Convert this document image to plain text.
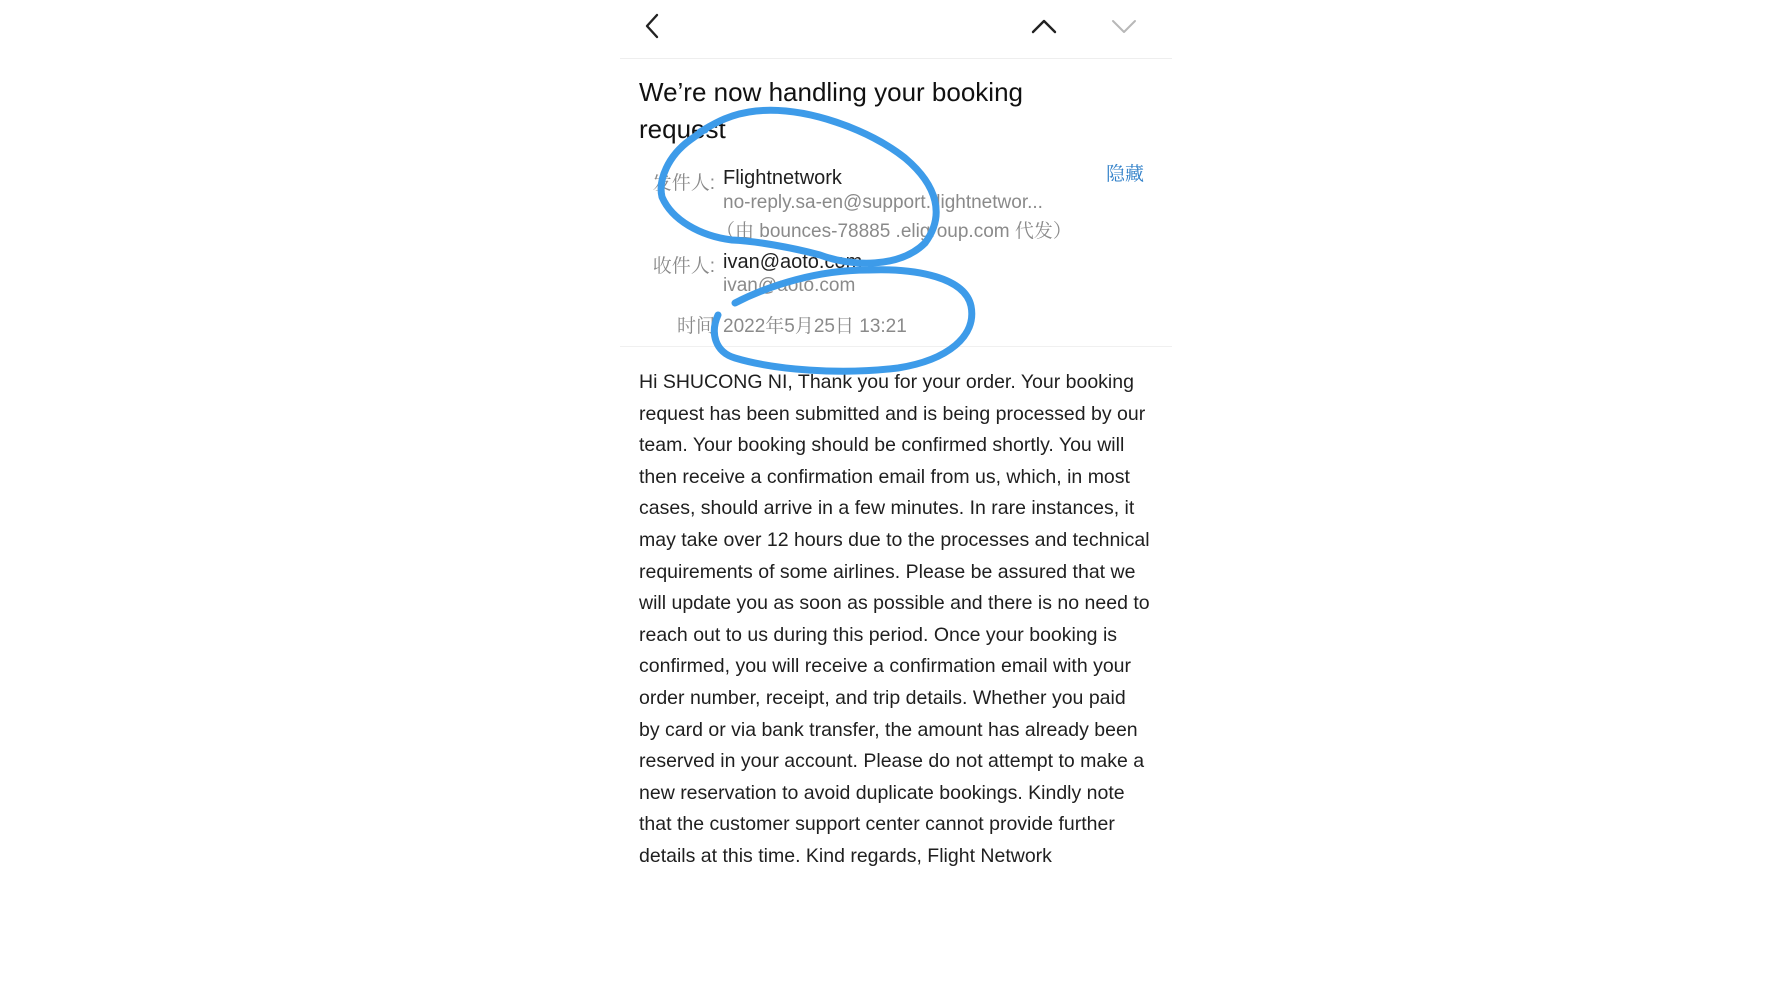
We’re now handling your booking request
隐藏
发件人: Flightnetwork
no-reply.sa-en@support.flightnetwor...
（由 bounces-78885 .eligroup.com 代发）
收件人: ivan@aoto.com
ivan@aoto.com
时间 2022年5月25日 13:21

Hi SHUCONG NI, Thank you for your order. Your booking request has been submitted and is being processed by our team. Your booking should be confirmed shortly. You will then receive a confirmation email from us, which, in most cases, should arrive in a few minutes. In rare instances, it may take over 12 hours due to the processes and technical requirements of some airlines. Please be assured that we will update you as soon as possible and there is no need to reach out to us during this period. Once your booking is confirmed, you will receive a confirmation email with your order number, receipt, and trip details. Whether you paid by card or via bank transfer, the amount has already been reserved in your account. Please do not attempt to make a new reservation to avoid duplicate bookings. Kindly note that the customer support center cannot provide further details at this time. Kind regards, Flight Network
